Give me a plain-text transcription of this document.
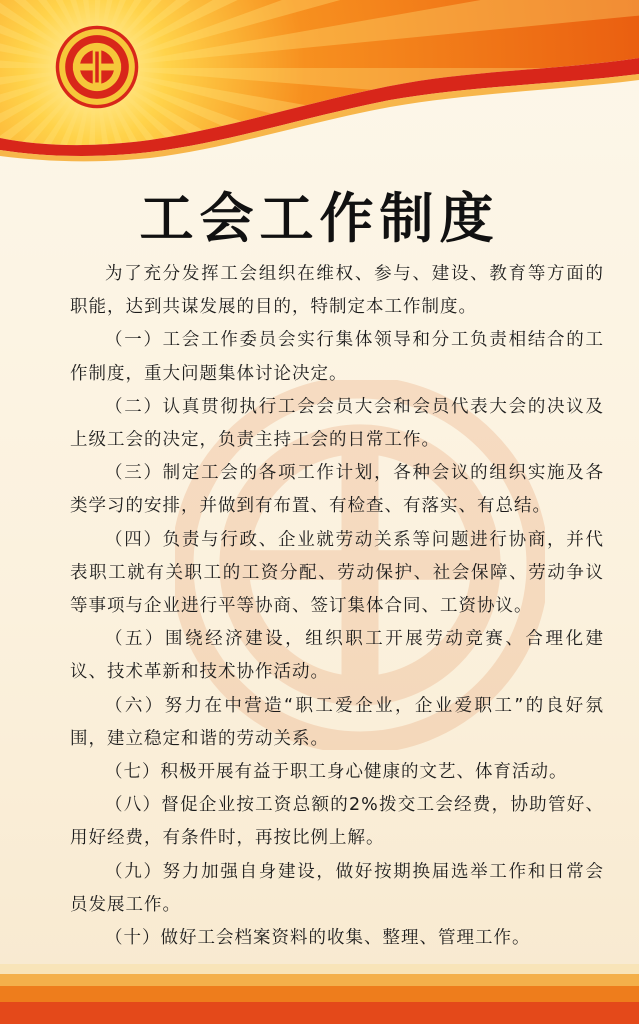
工会工作制度

为了充分发挥工会组织在维权、参与、建设、教育等方面的职能，达到共谋发展的目的，特制定本工作制度。

（一）工会工作委员会实行集体领导和分工负责相结合的工作制度，重大问题集体讨论决定。

（二）认真贯彻执行工会会员大会和会员代表大会的决议及上级工会的决定，负责主持工会的日常工作。

（三）制定工会的各项工作计划，各种会议的组织实施及各类学习的安排，并做到有布置、有检查、有落实、有总结。

（四）负责与行政、企业就劳动关系等问题进行协商，并代表职工就有关职工的工资分配、劳动保护、社会保障、劳动争议等事项与企业进行平等协商、签订集体合同、工资协议。

（五）围绕经济建设，组织职工开展劳动竞赛、合理化建议、技术革新和技术协作活动。

（六）努力在中营造“职工爱企业，企业爱职工”的良好氛围，建立稳定和谐的劳动关系。

（七）积极开展有益于职工身心健康的文艺、体育活动。

（八）督促企业按工资总额的2%拨交工会经费，协助管好、用好经费，有条件时，再按比例上解。

（九）努力加强自身建设，做好按期换届选举工作和日常会员发展工作。

（十）做好工会档案资料的收集、整理、管理工作。
